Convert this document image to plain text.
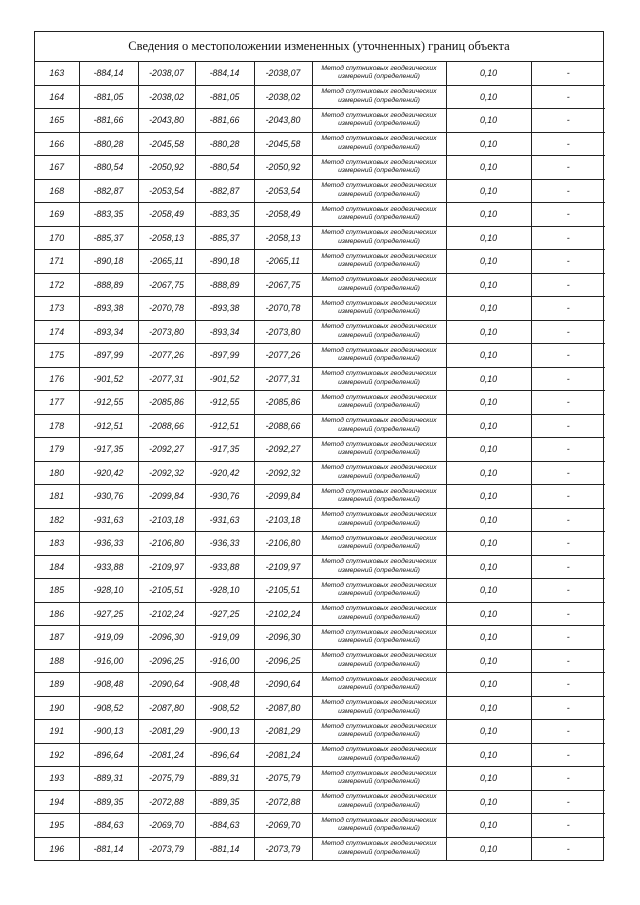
Сведения о местоположении измененных (уточненных) границ объекта
163	-884,14	-2038,07	-884,14	-2038,07	Метод спутниковых геодезических
измерений (определений)	0,10	-
164	-881,05	-2038,02	-881,05	-2038,02	Метод спутниковых геодезических
измерений (определений)	0,10	-
165	-881,66	-2043,80	-881,66	-2043,80	Метод спутниковых геодезических
измерений (определений)	0,10	-
166	-880,28	-2045,58	-880,28	-2045,58	Метод спутниковых геодезических
измерений (определений)	0,10	-
167	-880,54	-2050,92	-880,54	-2050,92	Метод спутниковых геодезических
измерений (определений)	0,10	-
168	-882,87	-2053,54	-882,87	-2053,54	Метод спутниковых геодезических
измерений (определений)	0,10	-
169	-883,35	-2058,49	-883,35	-2058,49	Метод спутниковых геодезических
измерений (определений)	0,10	-
170	-885,37	-2058,13	-885,37	-2058,13	Метод спутниковых геодезических
измерений (определений)	0,10	-
171	-890,18	-2065,11	-890,18	-2065,11	Метод спутниковых геодезических
измерений (определений)	0,10	-
172	-888,89	-2067,75	-888,89	-2067,75	Метод спутниковых геодезических
измерений (определений)	0,10	-
173	-893,38	-2070,78	-893,38	-2070,78	Метод спутниковых геодезических
измерений (определений)	0,10	-
174	-893,34	-2073,80	-893,34	-2073,80	Метод спутниковых геодезических
измерений (определений)	0,10	-
175	-897,99	-2077,26	-897,99	-2077,26	Метод спутниковых геодезических
измерений (определений)	0,10	-
176	-901,52	-2077,31	-901,52	-2077,31	Метод спутниковых геодезических
измерений (определений)	0,10	-
177	-912,55	-2085,86	-912,55	-2085,86	Метод спутниковых геодезических
измерений (определений)	0,10	-
178	-912,51	-2088,66	-912,51	-2088,66	Метод спутниковых геодезических
измерений (определений)	0,10	-
179	-917,35	-2092,27	-917,35	-2092,27	Метод спутниковых геодезических
измерений (определений)	0,10	-
180	-920,42	-2092,32	-920,42	-2092,32	Метод спутниковых геодезических
измерений (определений)	0,10	-
181	-930,76	-2099,84	-930,76	-2099,84	Метод спутниковых геодезических
измерений (определений)	0,10	-
182	-931,63	-2103,18	-931,63	-2103,18	Метод спутниковых геодезических
измерений (определений)	0,10	-
183	-936,33	-2106,80	-936,33	-2106,80	Метод спутниковых геодезических
измерений (определений)	0,10	-
184	-933,88	-2109,97	-933,88	-2109,97	Метод спутниковых геодезических
измерений (определений)	0,10	-
185	-928,10	-2105,51	-928,10	-2105,51	Метод спутниковых геодезических
измерений (определений)	0,10	-
186	-927,25	-2102,24	-927,25	-2102,24	Метод спутниковых геодезических
измерений (определений)	0,10	-
187	-919,09	-2096,30	-919,09	-2096,30	Метод спутниковых геодезических
измерений (определений)	0,10	-
188	-916,00	-2096,25	-916,00	-2096,25	Метод спутниковых геодезических
измерений (определений)	0,10	-
189	-908,48	-2090,64	-908,48	-2090,64	Метод спутниковых геодезических
измерений (определений)	0,10	-
190	-908,52	-2087,80	-908,52	-2087,80	Метод спутниковых геодезических
измерений (определений)	0,10	-
191	-900,13	-2081,29	-900,13	-2081,29	Метод спутниковых геодезических
измерений (определений)	0,10	-
192	-896,64	-2081,24	-896,64	-2081,24	Метод спутниковых геодезических
измерений (определений)	0,10	-
193	-889,31	-2075,79	-889,31	-2075,79	Метод спутниковых геодезических
измерений (определений)	0,10	-
194	-889,35	-2072,88	-889,35	-2072,88	Метод спутниковых геодезических
измерений (определений)	0,10	-
195	-884,63	-2069,70	-884,63	-2069,70	Метод спутниковых геодезических
измерений (определений)	0,10	-
196	-881,14	-2073,79	-881,14	-2073,79	Метод спутниковых геодезических
измерений (определений)	0,10	-
